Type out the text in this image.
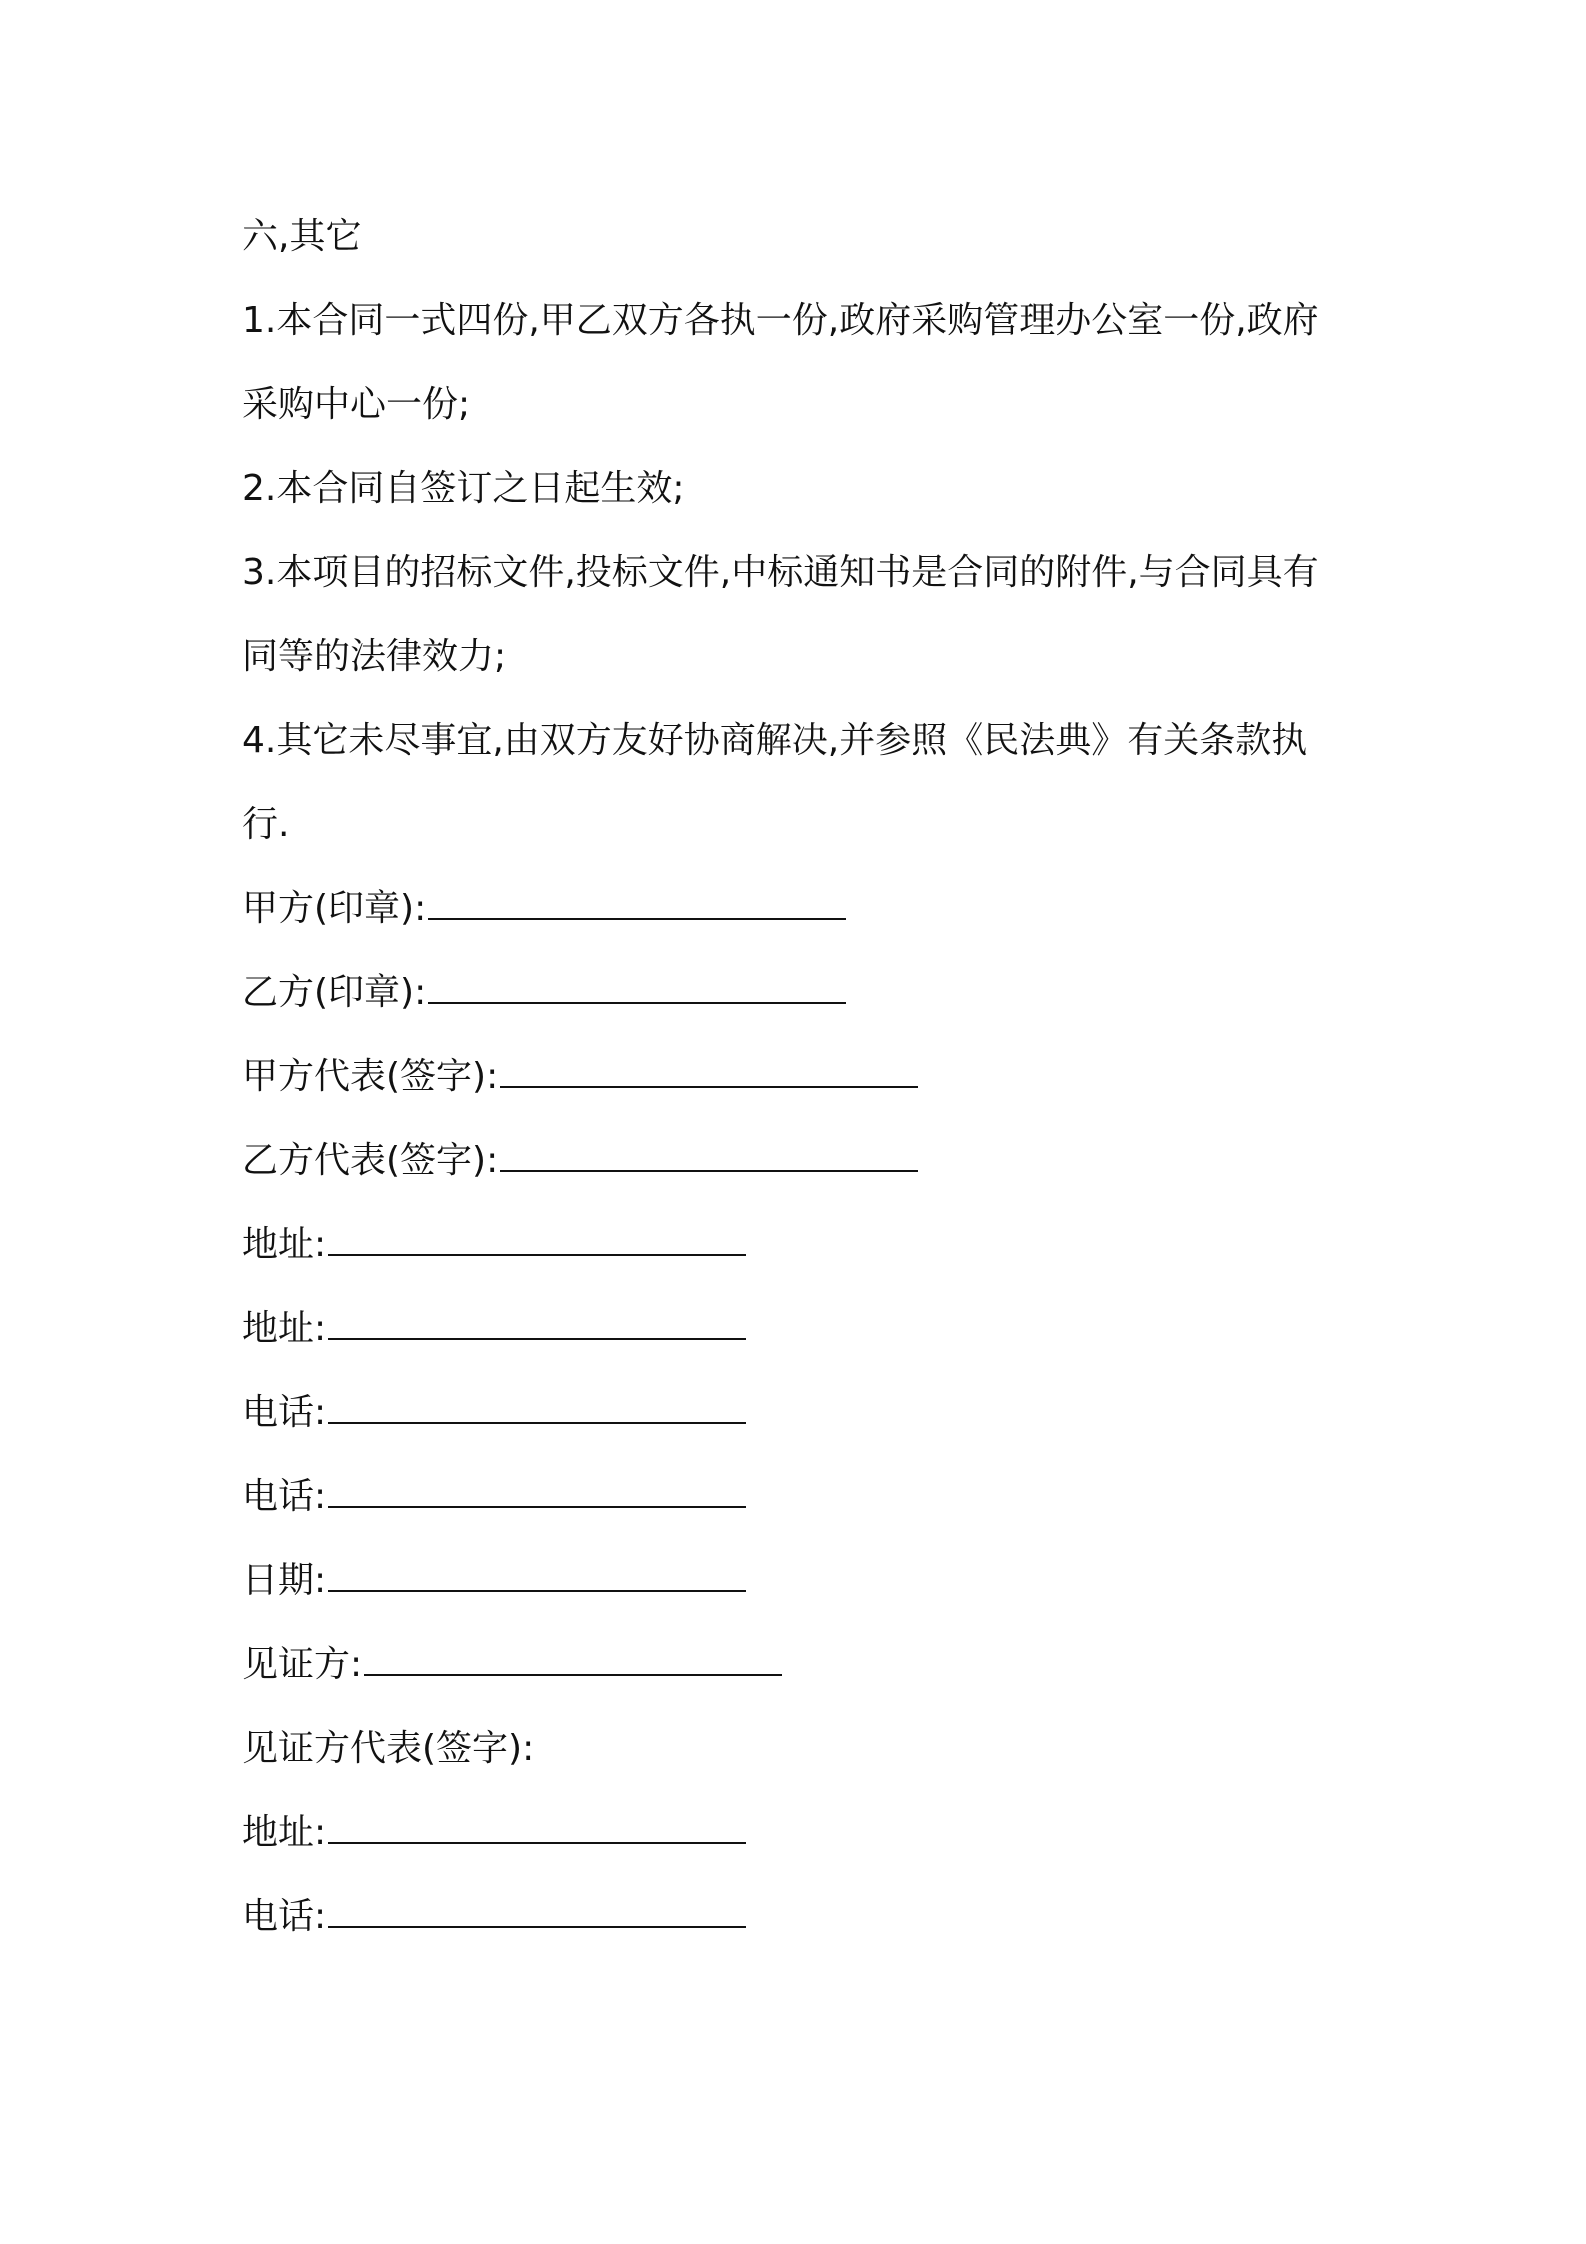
六,其它

1.本合同一式四份,甲乙双方各执一份,政府采购管理办公室一份,政府采购中心一份;

2.本合同自签订之日起生效;

3.本项目的招标文件,投标文件,中标通知书是合同的附件,与合同具有同等的法律效力;

4.其它未尽事宜,由双方友好协商解决,并参照《民法典》有关条款执行.

甲方(印章):

乙方(印章):

甲方代表(签字):

乙方代表(签字):

地址:

地址:

电话:

电话:

日期:

见证方:

见证方代表(签字):

地址:

电话:
